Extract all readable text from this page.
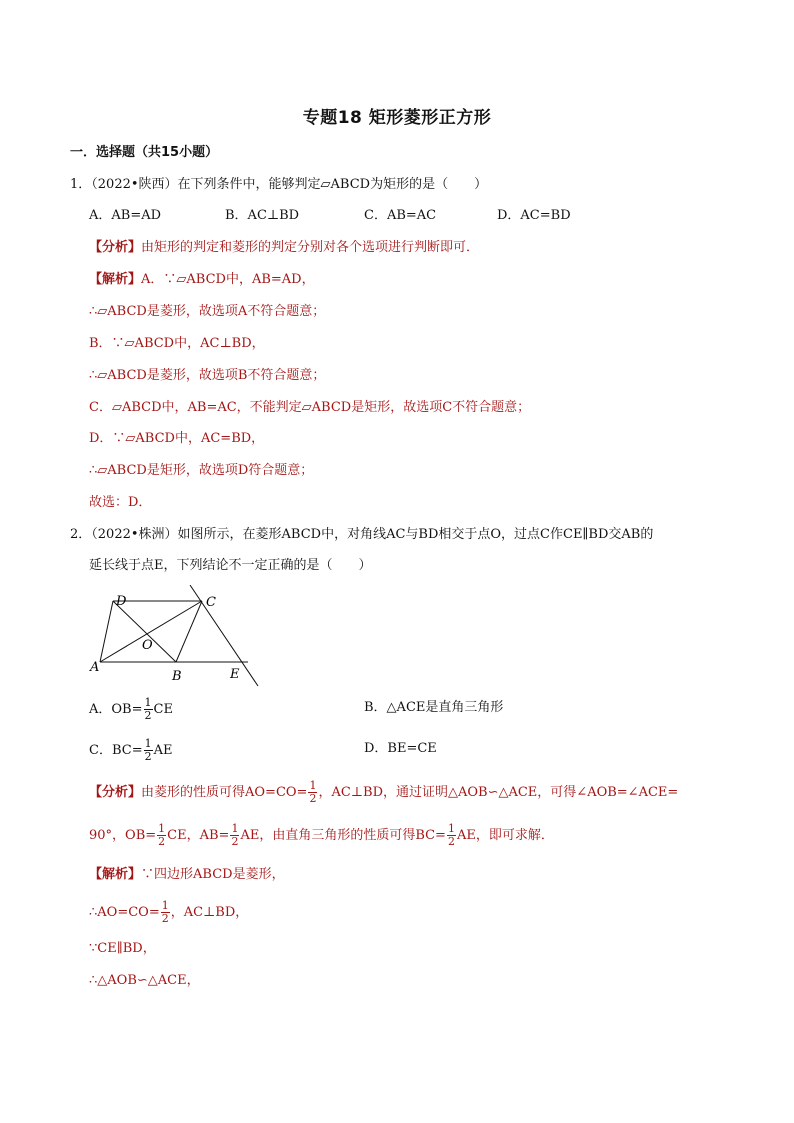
专题18 矩形菱形正方形
一．选择题（共15小题）
1．（2022•陕西）在下列条件中，能够判定▱ABCD为矩形的是（　　）
A．AB=AD	B．AC⊥BD	C．AB=AC	D．AC=BD
【分析】由矩形的判定和菱形的判定分别对各个选项进行判断即可．
【解析】A．∵▱ABCD中，AB=AD，
∴▱ABCD是菱形，故选项A不符合题意；
B．∵▱ABCD中，AC⊥BD，
∴▱ABCD是菱形，故选项B不符合题意；
C．▱ABCD中，AB=AC，不能判定▱ABCD是矩形，故选项C不符合题意；
D．∵▱ABCD中，AC=BD，
∴▱ABCD是矩形，故选项D符合题意；
故选：D．
2．（2022•株洲）如图所示，在菱形ABCD中，对角线AC与BD相交于点O，过点C作CE∥BD交AB的
延长线于点E，下列结论不一定正确的是（　　）
D	C
O
A
B	E
A．$OB= \frac{1}{2}$ CE	B．△ACE是直角三角形
C．$BC= \frac{1}{2}$ AE	D．BE=CE
【分析】由菱形的性质可得$AO=CO= \frac{1}{2}$ ，AC⊥BD，通过证明△AOB∽△ACE，可得∠AOB=∠ACE=
90°，$OB= \frac{1}{2}$ CE，$AB= \frac{1}{2}$ AE，由直角三角形的性质可得$BC= \frac{1}{2}$ AE，即可求解．
【解析】∵四边形ABCD是菱形，
∴AO=CO= $\frac{1}{2}$ ，AC⊥BD，
∵CE∥BD，
∴△AOB∽△ACE，
